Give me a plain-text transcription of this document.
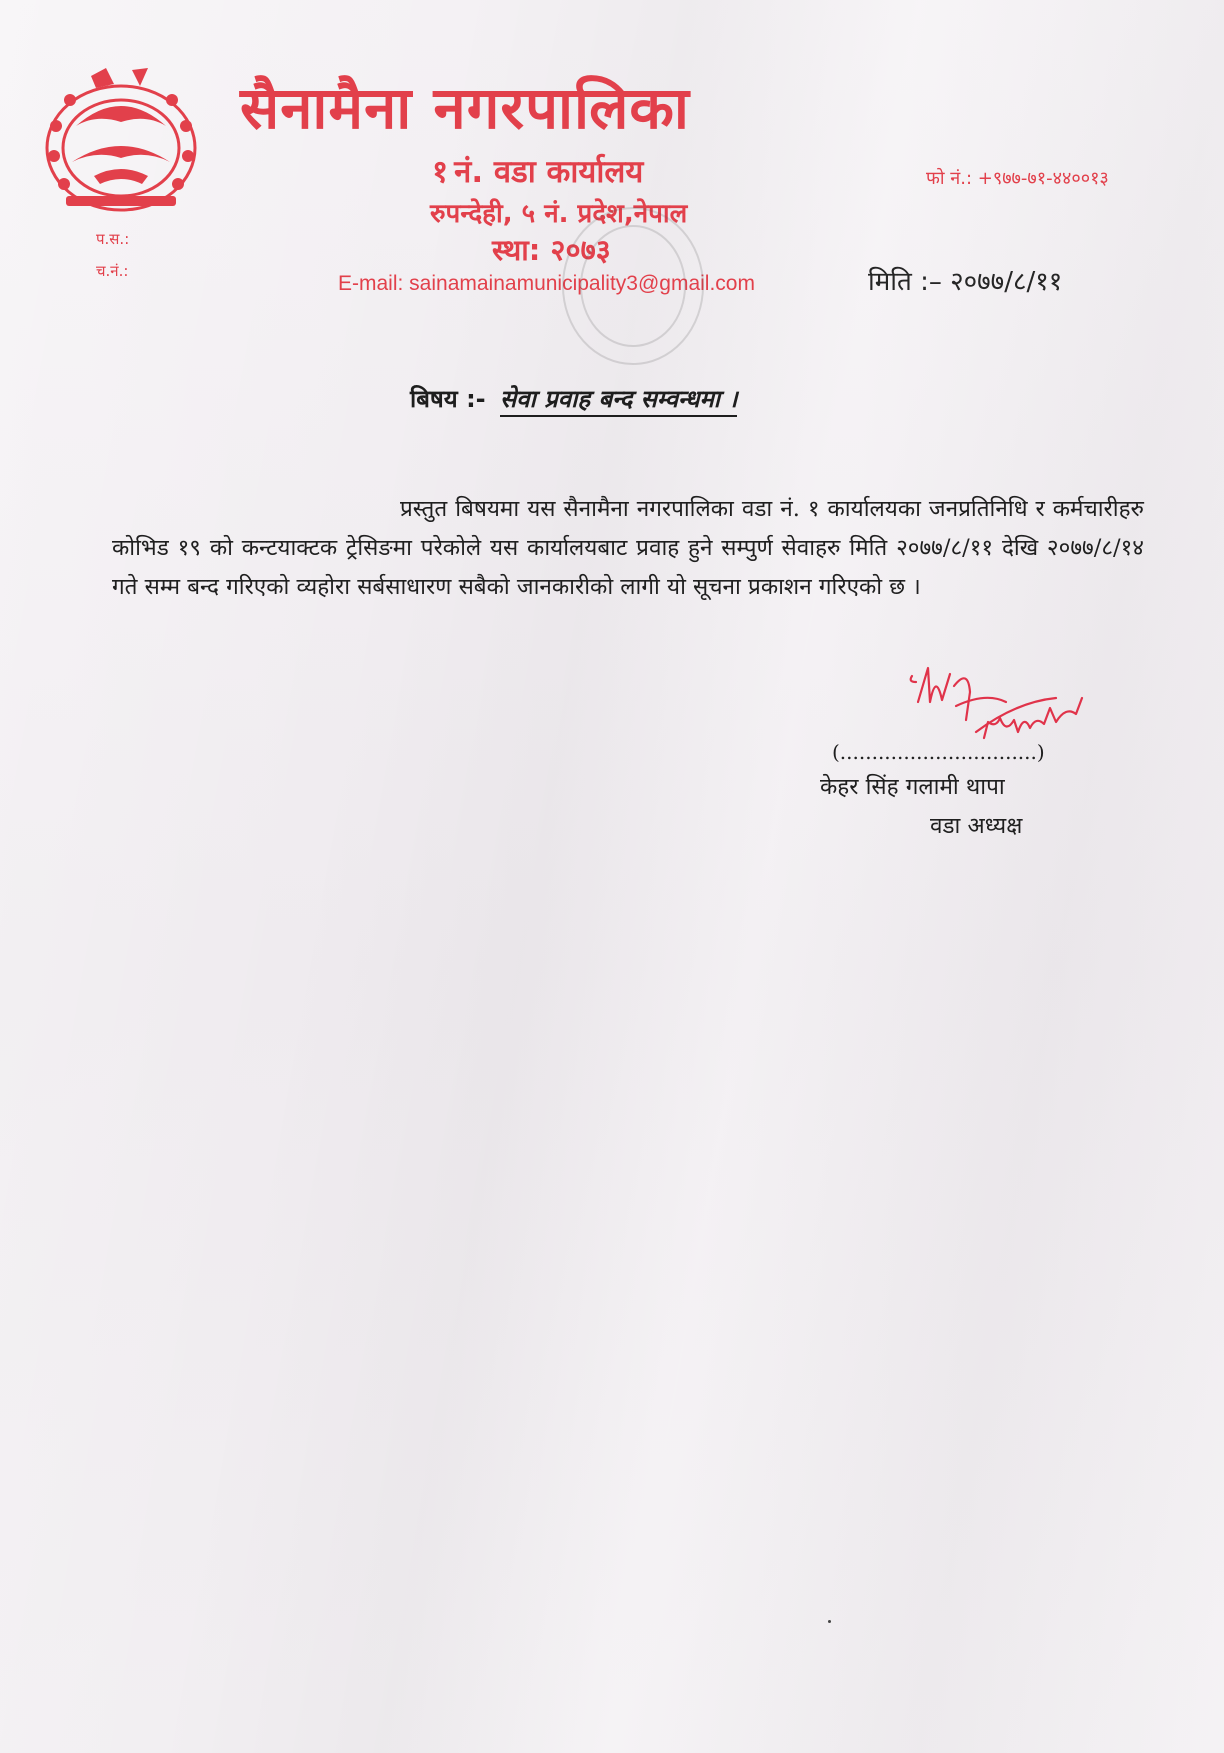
सैनामैना नगरपालिका
१ नं. वडा कार्यालय
रुपन्देही, ५ नं. प्रदेश,नेपाल
स्था: २०७३
E-mail: sainamainamunicipality3@gmail.com
फो नं.: +९७७-७१-४४००१३
प.स.:
च.नं.:	मिति :– २०७७/८/११
बिषय :- सेवा प्रवाह बन्द सम्वन्धमा ।
प्रस्तुत बिषयमा यस सैनामैना नगरपालिका वडा नं. १ कार्यालयका जनप्रतिनिधि र कर्मचारीहरु कोभिड १९ को कन्टयाक्टक ट्रेसिङमा परेकोले यस कार्यालयबाट प्रवाह हुने सम्पुर्ण सेवाहरु मिति २०७७/८/११ देखि २०७७/८/१४ गते सम्म बन्द गरिएको व्यहोरा सर्बसाधारण सबैको जानकारीको लागी यो सूचना प्रकाशन गरिएको छ ।
(...............................)
केहर सिंह गलामी थापा
वडा अध्यक्ष
